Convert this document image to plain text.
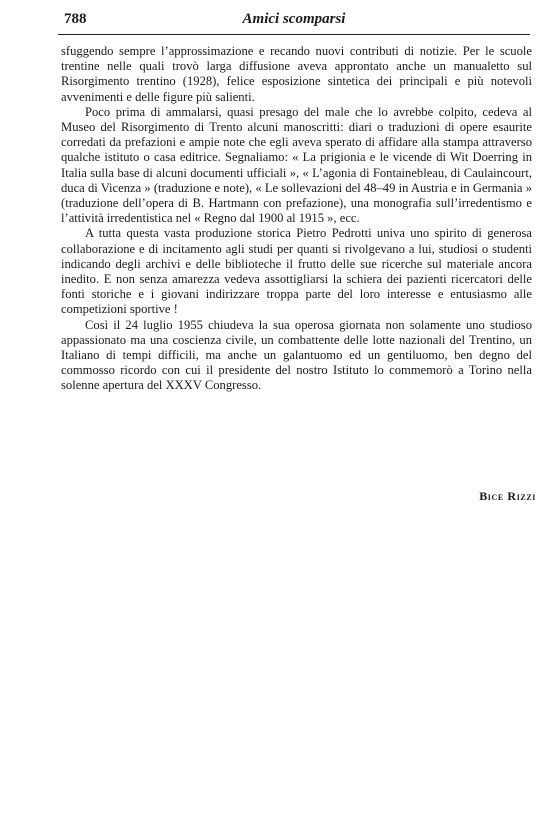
788	Amici scomparsi

sfuggendo sempre l’approssimazione e recando nuovi contributi di notizie. Per le scuole trentine nelle quali trovò larga diffusione aveva approntato anche un manualetto sul Risorgimento trentino (1928), felice esposizione sintetica dei principali e più notevoli avvenimenti e delle figure più salienti.

Poco prima di ammalarsi, quasi presago del male che lo avrebbe colpito, cedeva al Museo del Risorgimento di Trento alcuni manoscritti: diari o traduzioni di opere esaurite corredati da prefazioni e ampie note che egli aveva sperato di affidare alla stampa attraverso qualche istituto o casa editrice. Segnaliamo: « La prigionia e le vicende di Wit Doerring in Italia sulla base di alcuni documenti ufficiali », « L’agonia di Fontainebleau, di Caulaincourt, duca di Vicenza » (traduzione e note), « Le sollevazioni del 48–49 in Austria e in Germania » (traduzione dell’opera di B. Hartmann con prefazione), una monografia sull’irredentismo e l’attività irredentistica nel « Regno dal 1900 al 1915 », ecc.

A tutta questa vasta produzione storica Pietro Pedrotti univa uno spirito di generosa collaborazione e di incitamento agli studi per quanti si rivolgevano a lui, studiosi o studenti indicando degli archivi e delle biblioteche il frutto delle sue ricerche sul materiale ancora inedito. E non senza amarezza vedeva assottigliarsi la schiera dei pazienti ricercatori delle fonti storiche e i giovani indirizzare troppa parte del loro interesse e entusiasmo alle competizioni sportive !

Così il 24 luglio 1955 chiudeva la sua operosa giornata non solamente uno studioso appassionato ma una coscienza civile, un combattente delle lotte nazionali del Trentino, un Italiano di tempi difficili, ma anche un galantuomo ed un gentiluomo, ben degno del commosso ricordo con cui il presidente del nostro Istituto lo commemorò a Torino nella solenne apertura del XXXV Congresso.

Bice Rizzi
